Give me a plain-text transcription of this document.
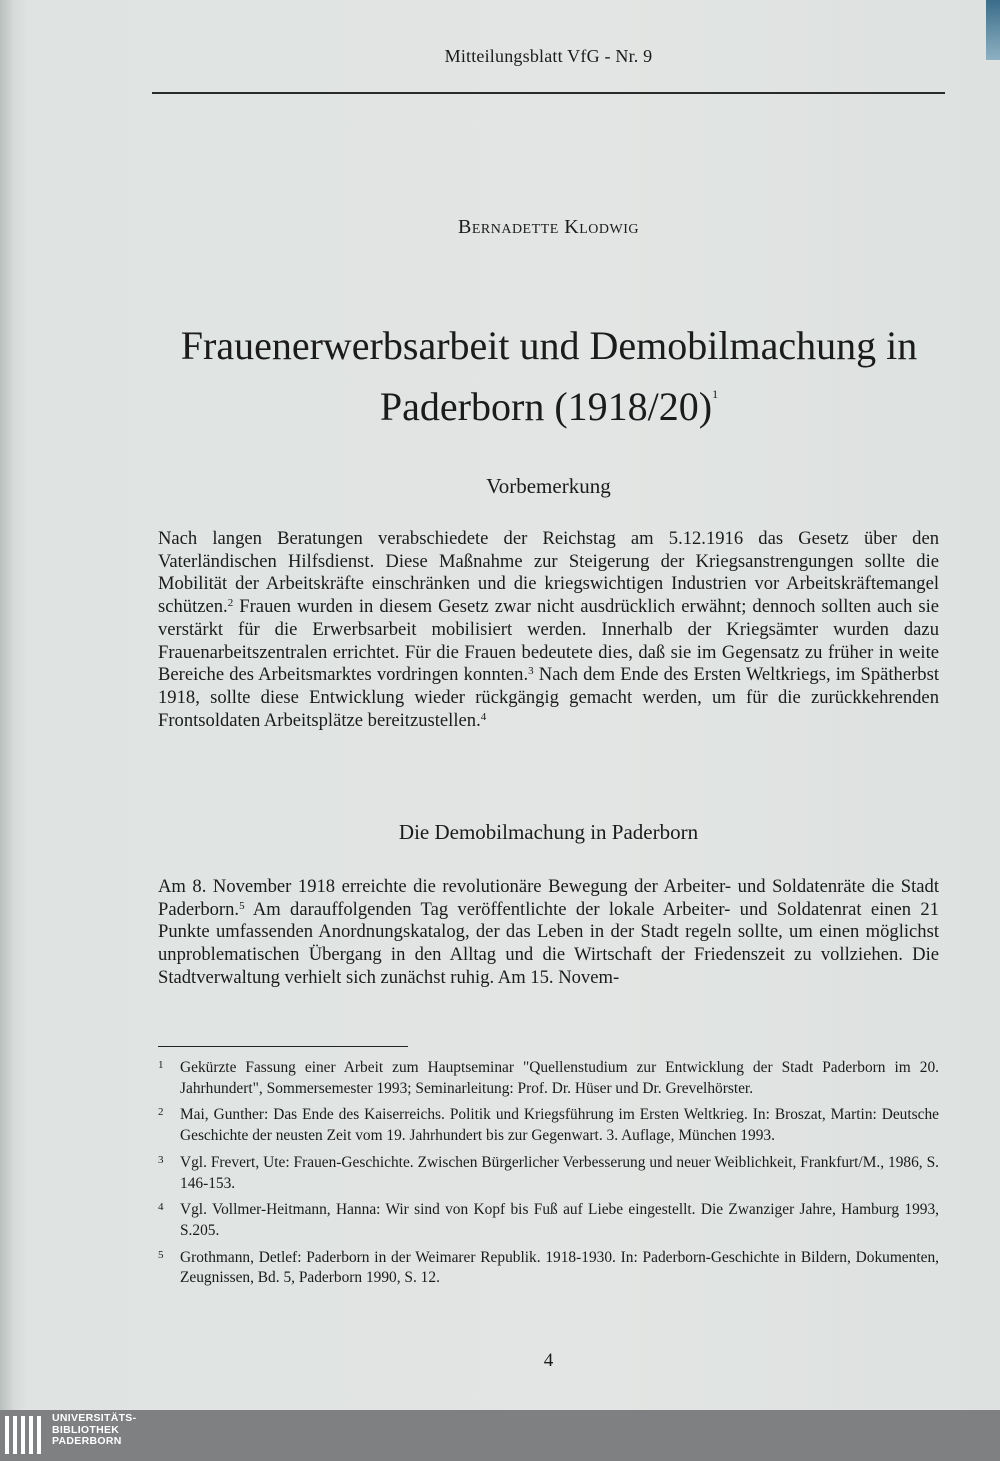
Mitteilungsblatt VfG - Nr. 9
Bernadette Klodwig
Frauenerwerbsarbeit und Demobilmachung in
Paderborn $(1918/20)^1$
Vorbemerkung

Nach langen Beratungen verabschiedete der Reichstag am 5.12.1916 das Gesetz über den Vaterländischen Hilfsdienst. Diese Maßnahme zur Steigerung der Kriegsanstrengungen sollte die Mobilität der Arbeitskräfte einschränken und die kriegswichtigen Industrien vor Arbeitskräftemangel schützen.$^2$ Frauen wurden in diesem Gesetz zwar nicht ausdrücklich erwähnt; dennoch sollten auch sie verstärkt für die Erwerbsarbeit mobilisiert werden. Innerhalb der Kriegsämter wurden dazu Frauenarbeitszentralen errichtet. Für die Frauen bedeutete dies, daß sie im Gegensatz zu früher in weite Bereiche des Arbeitsmarktes vordringen konnten.$^3$ Nach dem Ende des Ersten Weltkriegs, im Spätherbst 1918, sollte diese Entwicklung wieder rückgängig gemacht werden, um für die zurückkehrenden Frontsoldaten Arbeitsplätze bereitzustellen.$^4$

Die Demobilmachung in Paderborn

Am 8. November 1918 erreichte die revolutionäre Bewegung der Arbeiter- und Soldatenräte die Stadt Paderborn.$^5$ Am darauffolgenden Tag veröffentlichte der lokale Arbeiter- und Soldatenrat einen 21 Punkte umfassenden Anordnungskatalog, der das Leben in der Stadt regeln sollte, um einen möglichst unproblematischen Übergang in den Alltag und die Wirtschaft der Friedenszeit zu vollziehen. Die Stadtverwaltung verhielt sich zunächst ruhig. Am 15. Novem-

1	Gekürzte Fassung einer Arbeit zum Hauptseminar "Quellenstudium zur Entwicklung der Stadt Paderborn im 20. Jahrhundert", Sommersemester 1993; Seminarleitung: Prof. Dr. Hüser und Dr. Grevelhörster.
2	Mai, Gunther: Das Ende des Kaiserreichs. Politik und Kriegsführung im Ersten Weltkrieg. In: Broszat, Martin: Deutsche Geschichte der neusten Zeit vom 19. Jahrhundert bis zur Gegenwart. 3. Auflage, München 1993.
3	Vgl. Frevert, Ute: Frauen-Geschichte. Zwischen Bürgerlicher Verbesserung und neuer Weiblichkeit, Frankfurt/M., 1986, S. 146-153.
4	Vgl. Vollmer-Heitmann, Hanna: Wir sind von Kopf bis Fuß auf Liebe eingestellt. Die Zwanziger Jahre, Hamburg 1993, S.205.
5	Grothmann, Detlef: Paderborn in der Weimarer Republik. 1918-1930. In: Paderborn-Geschichte in Bildern, Dokumenten, Zeugnissen, Bd. 5, Paderborn 1990, S. 12.
4
UNIVERSITÄTS-
BIBLIOTHEK
PADERBORN
